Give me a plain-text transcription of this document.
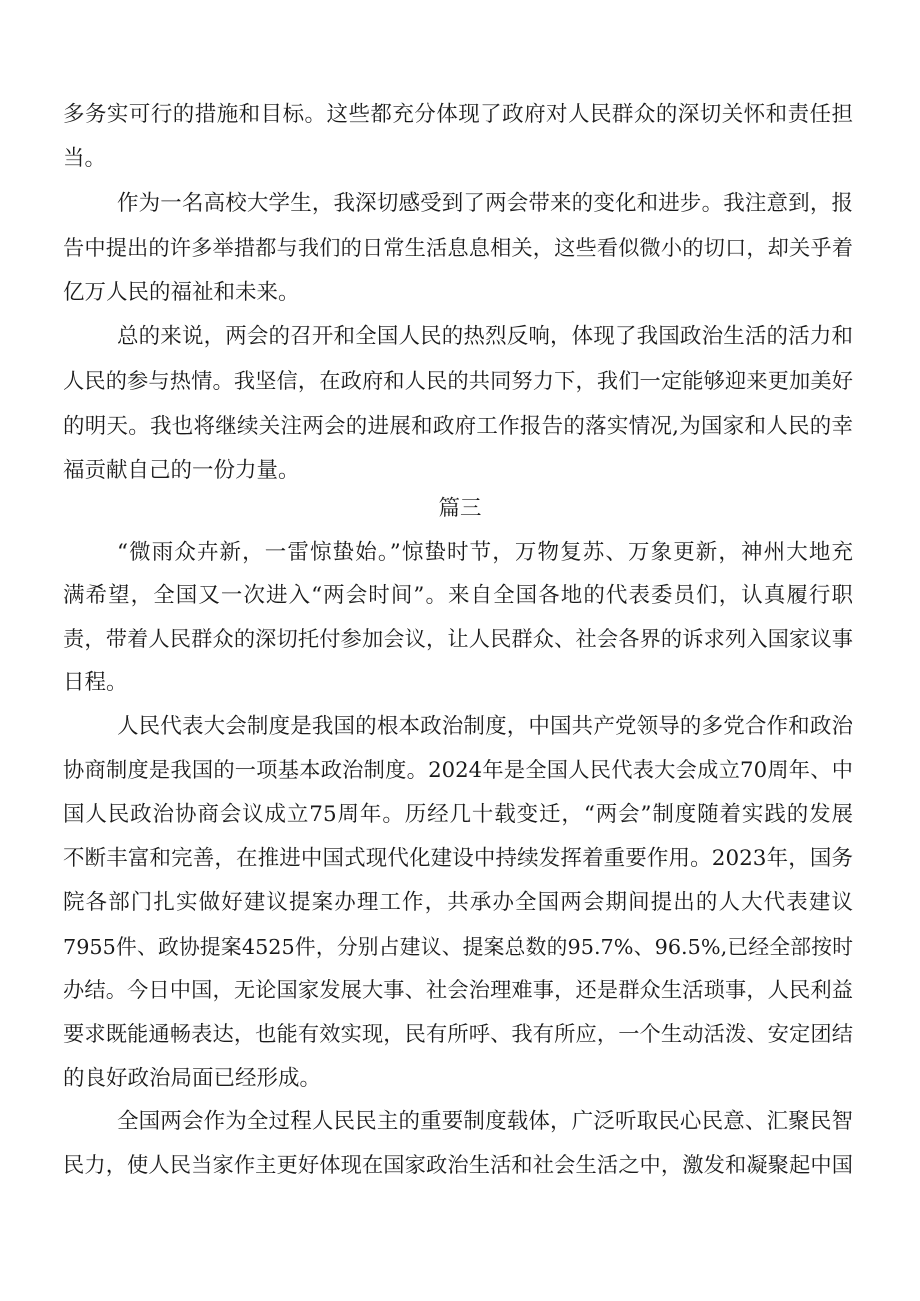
多务实可行的措施和目标。这些都充分体现了政府对人民群众的深切关怀和责任担
当。
作为一名高校大学生，我深切感受到了两会带来的变化和进步。我注意到，报
告中提出的许多举措都与我们的日常生活息息相关，这些看似微小的切口，却关乎着
亿万人民的福祉和未来。
总的来说，两会的召开和全国人民的热烈反响，体现了我国政治生活的活力和
人民的参与热情。我坚信，在政府和人民的共同努力下，我们一定能够迎来更加美好
的明天。我也将继续关注两会的进展和政府工作报告的落实情况,为国家和人民的幸
福贡献自己的一份力量。
篇三
“微雨众卉新，一雷惊蛰始。”惊蛰时节，万物复苏、万象更新，神州大地充
满希望，全国又一次进入“两会时间”。来自全国各地的代表委员们，认真履行职
责，带着人民群众的深切托付参加会议，让人民群众、社会各界的诉求列入国家议事
日程。
人民代表大会制度是我国的根本政治制度，中国共产党领导的多党合作和政治
协商制度是我国的一项基本政治制度。2024年是全国人民代表大会成立70周年、中
国人民政治协商会议成立75周年。历经几十载变迁，“两会”制度随着实践的发展
不断丰富和完善，在推进中国式现代化建设中持续发挥着重要作用。2023年，国务
院各部门扎实做好建议提案办理工作，共承办全国两会期间提出的人大代表建议
7955件、政协提案4525件，分别占建议、提案总数的95.7%、96.5%,已经全部按时
办结。今日中国，无论国家发展大事、社会治理难事，还是群众生活琐事，人民利益
要求既能通畅表达，也能有效实现，民有所呼、我有所应，一个生动活泼、安定团结
的良好政治局面已经形成。
全国两会作为全过程人民民主的重要制度载体，广泛听取民心民意、汇聚民智
民力，使人民当家作主更好体现在国家政治生活和社会生活之中，激发和凝聚起中国
